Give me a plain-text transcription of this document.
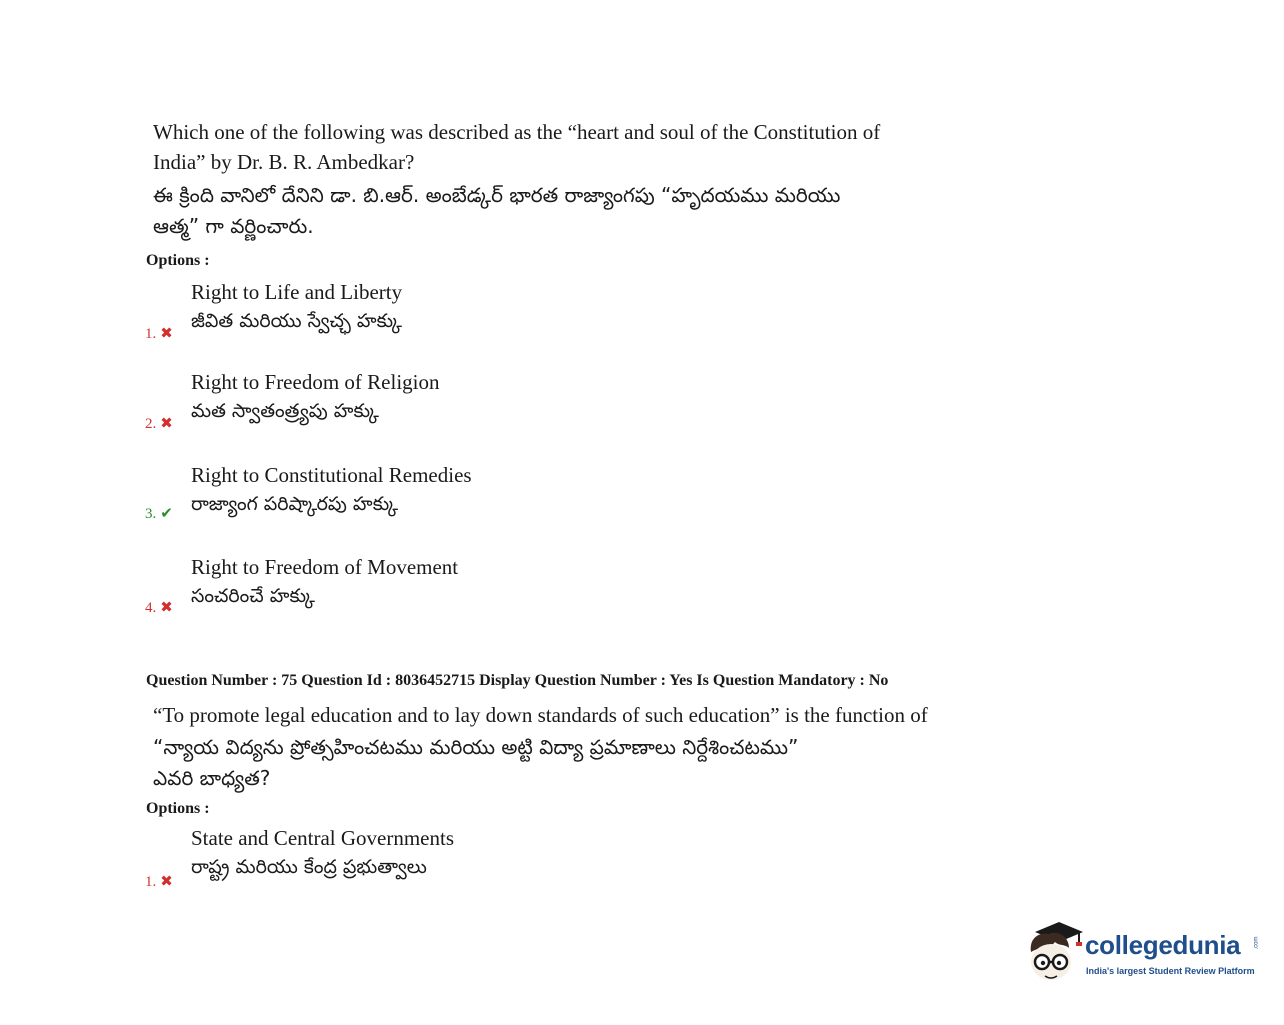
Which one of the following was described as the “heart and soul of the Constitution of
India” by Dr. B. R. Ambedkar?
ఈ క్రింది వానిలో దేనిని డా. బి.ఆర్. అంబేడ్కర్ భారత రాజ్యాంగపు “హృదయము మరియు
ఆత్మ” గా వర్ణించారు.
Options :
Right to Life and Liberty
జీవిత మరియు స్వేచ్ఛ హక్కు
1. ✖
Right to Freedom of Religion
మత స్వాతంత్ర్యపు హక్కు
2. ✖
Right to Constitutional Remedies
రాజ్యాంగ పరిష్కారపు హక్కు
3. ✔
Right to Freedom of Movement
సంచరించే హక్కు
4. ✖
Question Number : 75 Question Id : 8036452715 Display Question Number : Yes Is Question Mandatory : No
“To promote legal education and to lay down standards of such education” is the function of
“న్యాయ విద్యను ప్రోత్సహించటము మరియు అట్టి విద్యా ప్రమాణాలు నిర్దేశించటము”
ఎవరి బాధ్యత?
Options :
State and Central Governments
రాష్ట్ర మరియు కేంద్ర ప్రభుత్వాలు
1. ✖
collegedunia .com
India's largest Student Review Platform
